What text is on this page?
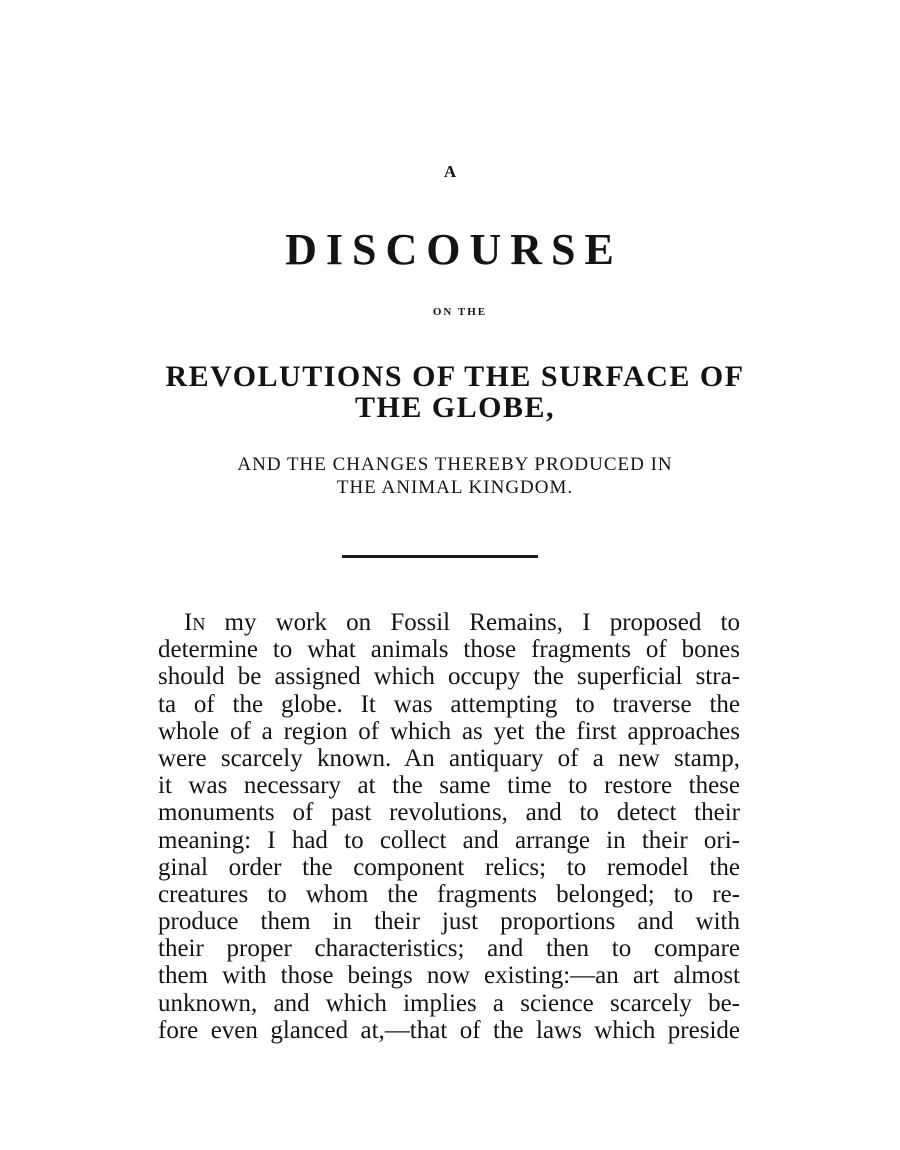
A
DISCOURSE
ON THE
REVOLUTIONS OF THE SURFACE OF
THE GLOBE,
AND THE CHANGES THEREBY PRODUCED IN
THE ANIMAL KINGDOM.
In my work on Fossil Remains, I proposed to
determine to what animals those fragments of bones
should be assigned which occupy the superficial stra-
ta of the globe. It was attempting to traverse the
whole of a region of which as yet the first approaches
were scarcely known. An antiquary of a new stamp,
it was necessary at the same time to restore these
monuments of past revolutions, and to detect their
meaning: I had to collect and arrange in their ori-
ginal order the component relics; to remodel the
creatures to whom the fragments belonged; to re-
produce them in their just proportions and with
their proper characteristics; and then to compare
them with those beings now existing:—an art almost
unknown, and which implies a science scarcely be-
fore even glanced at,—that of the laws which preside
